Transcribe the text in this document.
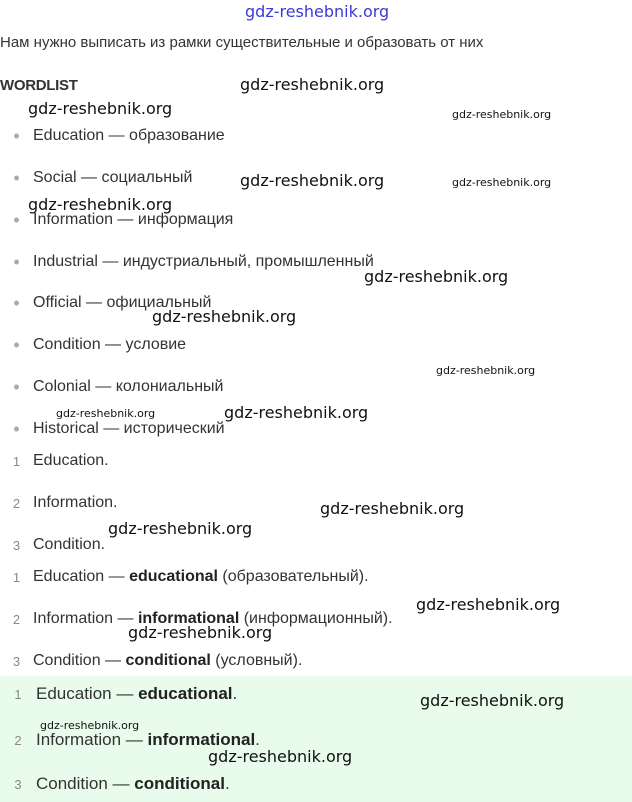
Нам нужно выписать из рамки существительные и образовать от них
WORDLIST
• Education — образование
• Social — социальный
• Information — информация
• Industrial — индустриальный, промышленный
• Official — официальный
• Condition — условие
• Colonial — колониальный
• Historical — исторический
1 Education.
2 Information.
3 Condition.
1 Education — educational (образовательный).
2 Information — informational (информационный).
3 Condition — conditional (условный).
1 Education — educational .
2 Information — informational .
3 Condition — conditional .
gdz-reshebnik.org
gdz-reshebnik.org
gdz-reshebnik.org	gdz-reshebnik.org
gdz-reshebnik.org	gdz-reshebnik.org
gdz-reshebnik.org
gdz-reshebnik.org
gdz-reshebnik.org
gdz-reshebnik.org
gdz-reshebnik.org	gdz-reshebnik.org
gdz-reshebnik.org
gdz-reshebnik.org
gdz-reshebnik.org
gdz-reshebnik.org
gdz-reshebnik.org
gdz-reshebnik.org
gdz-reshebnik.org
